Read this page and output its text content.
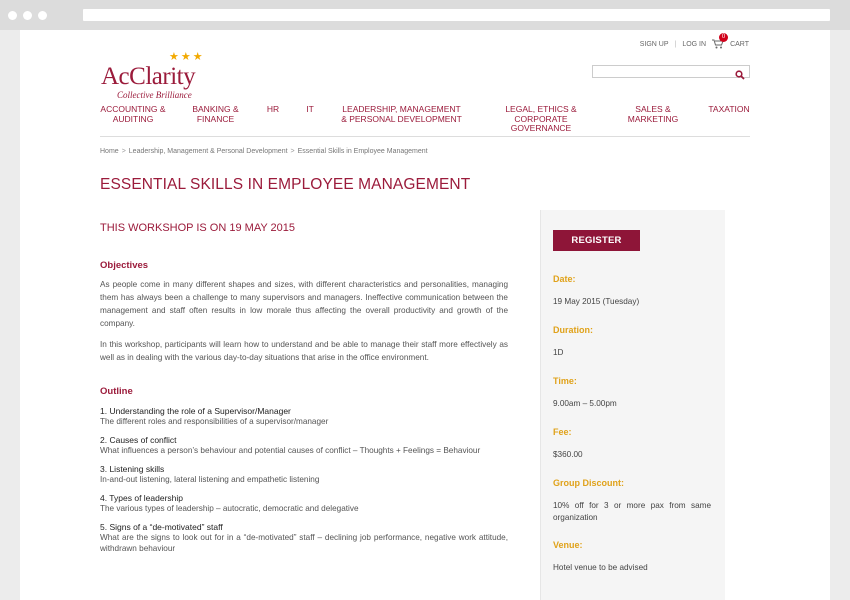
★★★
AcClarity
Collective Brilliance
SIGN UP | LOG IN
0
CART
ACCOUNTING &
AUDITING
BANKING &
FINANCE
HR	IT	LEADERSHIP, MANAGEMENT
& PERSONAL DEVELOPMENT
LEGAL, ETHICS &
CORPORATE GOVERNANCE
SALES &
MARKETING
TAXATION
Home > Leadership, Management & Personal Development > Essential Skills in Employee Management
ESSENTIAL SKILLS IN EMPLOYEE MANAGEMENT
THIS WORKSHOP IS ON 19 MAY 2015
Objectives

As people come in many different shapes and sizes, with different characteristics and personalities, managing them has always been a challenge to many supervisors and managers. Ineffective communication between the management and staff often results in low morale thus affecting the overall productivity and growth of the company.

In this workshop, participants will learn how to understand and be able to manage their staff more effectively as well as in dealing with the various day-to-day situations that arise in the office environment.

Outline
1. Understanding the role of a Supervisor/Manager
The different roles and responsibilities of a supervisor/manager
2. Causes of conflict
What influences a person’s behaviour and potential causes of conflict – Thoughts + Feelings = Behaviour
3. Listening skills
In-and-out listening, lateral listening and empathetic listening
4. Types of leadership
The various types of leadership – autocratic, democratic and delegative
5. Signs of a “de-motivated” staff
What are the signs to look out for in a “de-motivated” staff – declining job performance, negative work attitude, withdrawn behaviour
REGISTER
Date:
19 May 2015 (Tuesday)
Duration:
1D
Time:
9.00am – 5.00pm
Fee:
$360.00
Group Discount:
10% off for 3 or more pax from same organization
Venue:
Hotel venue to be advised
